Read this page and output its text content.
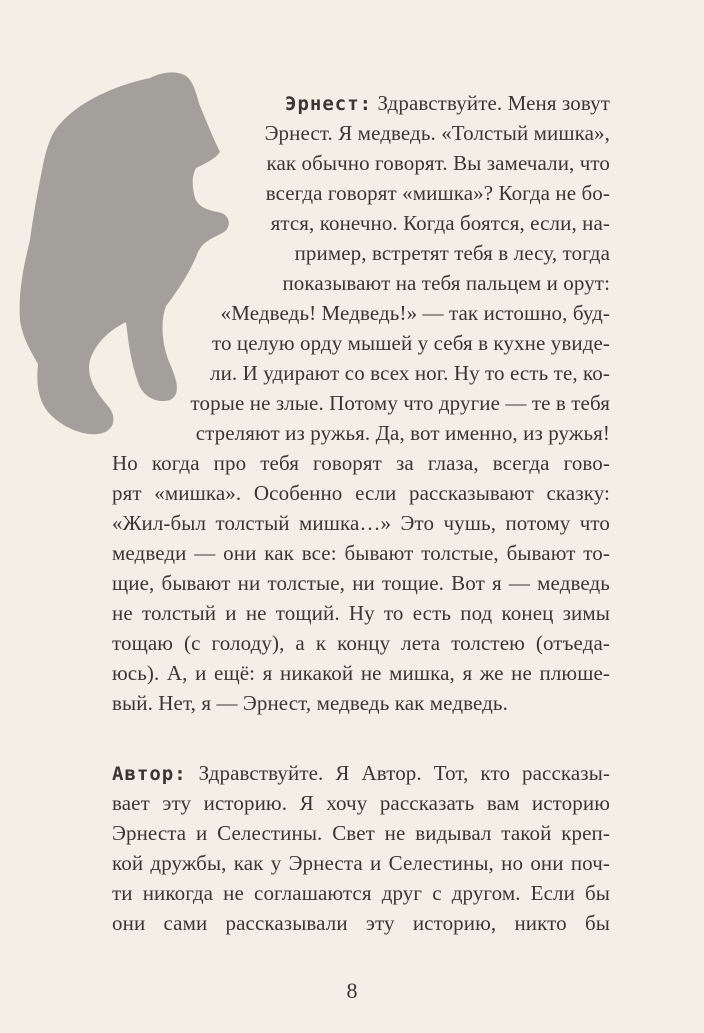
Эрнест: Здравствуйте. Меня зовут
Эрнест. Я медведь. «Толстый мишка»,
как обычно говорят. Вы замечали, что
всегда говорят «мишка»? Когда не бо-
ятся, конечно. Когда боятся, если, на-
пример, встретят тебя в лесу, тогда
показывают на тебя пальцем и орут:
«Медведь! Медведь!» — так истошно, буд-
то целую орду мышей у себя в кухне увиде-
ли. И удирают со всех ног. Ну то есть те, ко-
торые не злые. Потому что другие — те в тебя
стреляют из ружья. Да, вот именно, из ружья!
Но когда про тебя говорят за глаза, всегда гово-
рят «мишка». Особенно если рассказывают сказку:
«Жил-был толстый мишка…» Это чушь, потому что
медведи — они как все: бывают толстые, бывают то-
щие, бывают ни толстые, ни тощие. Вот я — медведь
не толстый и не тощий. Ну то есть под конец зимы
тощаю (с голоду), а к концу лета толстею (отъеда-
юсь). А, и ещё: я никакой не мишка, я же не плюше-
вый. Нет, я — Эрнест, медведь как медведь.
Автор: Здравствуйте. Я Автор. Тот, кто рассказы-
вает эту историю. Я хочу рассказать вам историю
Эрнеста и Селестины. Свет не видывал такой креп-
кой дружбы, как у Эрнеста и Селестины, но они поч-
ти никогда не соглашаются друг с другом. Если бы
они сами рассказывали эту историю, никто бы
8
